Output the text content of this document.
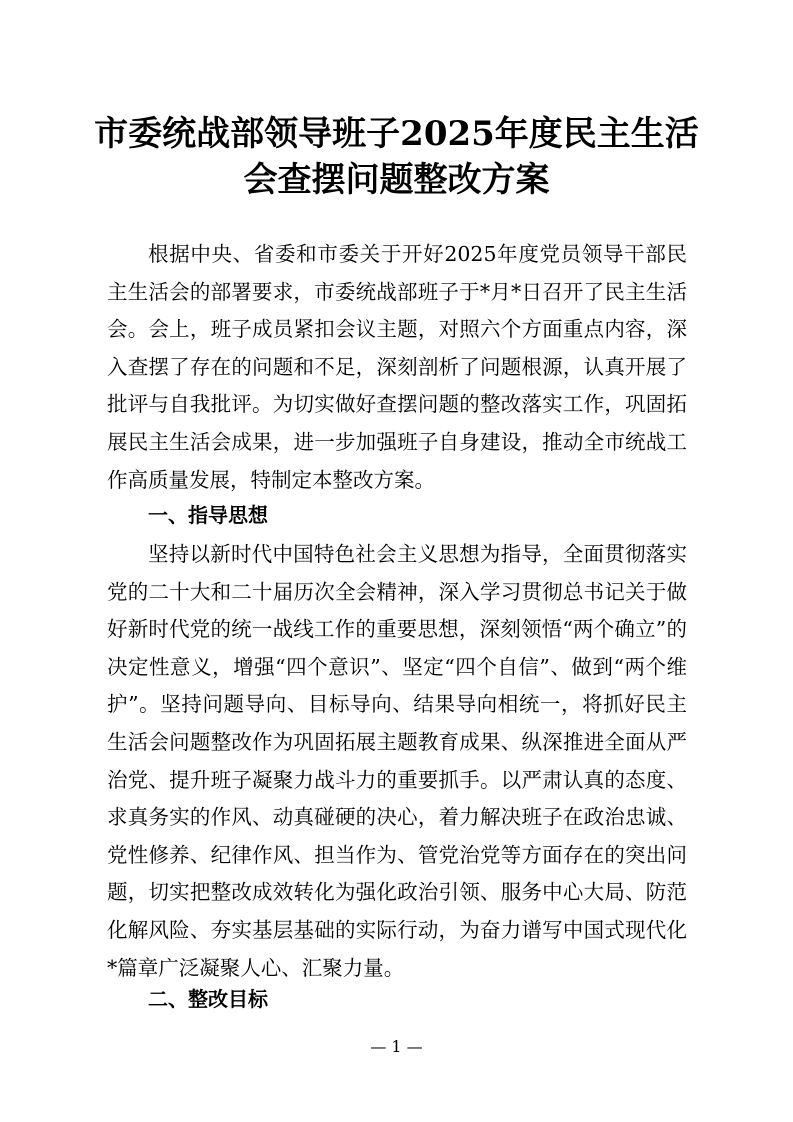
市委统战部领导班子2025年度民主生活
会查摆问题整改方案

根据中央、省委和市委关于开好2025年度党员领导干部民主生活会的部署要求，市委统战部班子于*月*日召开了民主生活会。会上，班子成员紧扣会议主题，对照六个方面重点内容，深入查摆了存在的问题和不足，深刻剖析了问题根源，认真开展了批评与自我批评。为切实做好查摆问题的整改落实工作，巩固拓展民主生活会成果，进一步加强班子自身建设，推动全市统战工作高质量发展，特制定本整改方案。

一、指导思想

坚持以新时代中国特色社会主义思想为指导，全面贯彻落实党的二十大和二十届历次全会精神，深入学习贯彻总书记关于做好新时代党的统一战线工作的重要思想，深刻领悟“两个确立”的决定性意义，增强“四个意识”、坚定“四个自信”、做到“两个维护”。坚持问题导向、目标导向、结果导向相统一，将抓好民主生活会问题整改作为巩固拓展主题教育成果、纵深推进全面从严治党、提升班子凝聚力战斗力的重要抓手。以严肃认真的态度、求真务实的作风、动真碰硬的决心，着力解决班子在政治忠诚、党性修养、纪律作风、担当作为、管党治党等方面存在的突出问题，切实把整改成效转化为强化政治引领、服务中心大局、防范化解风险、夯实基层基础的实际行动，为奋力谱写中国式现代化*篇章广泛凝聚人心、汇聚力量。

二、整改目标
— 1 —
